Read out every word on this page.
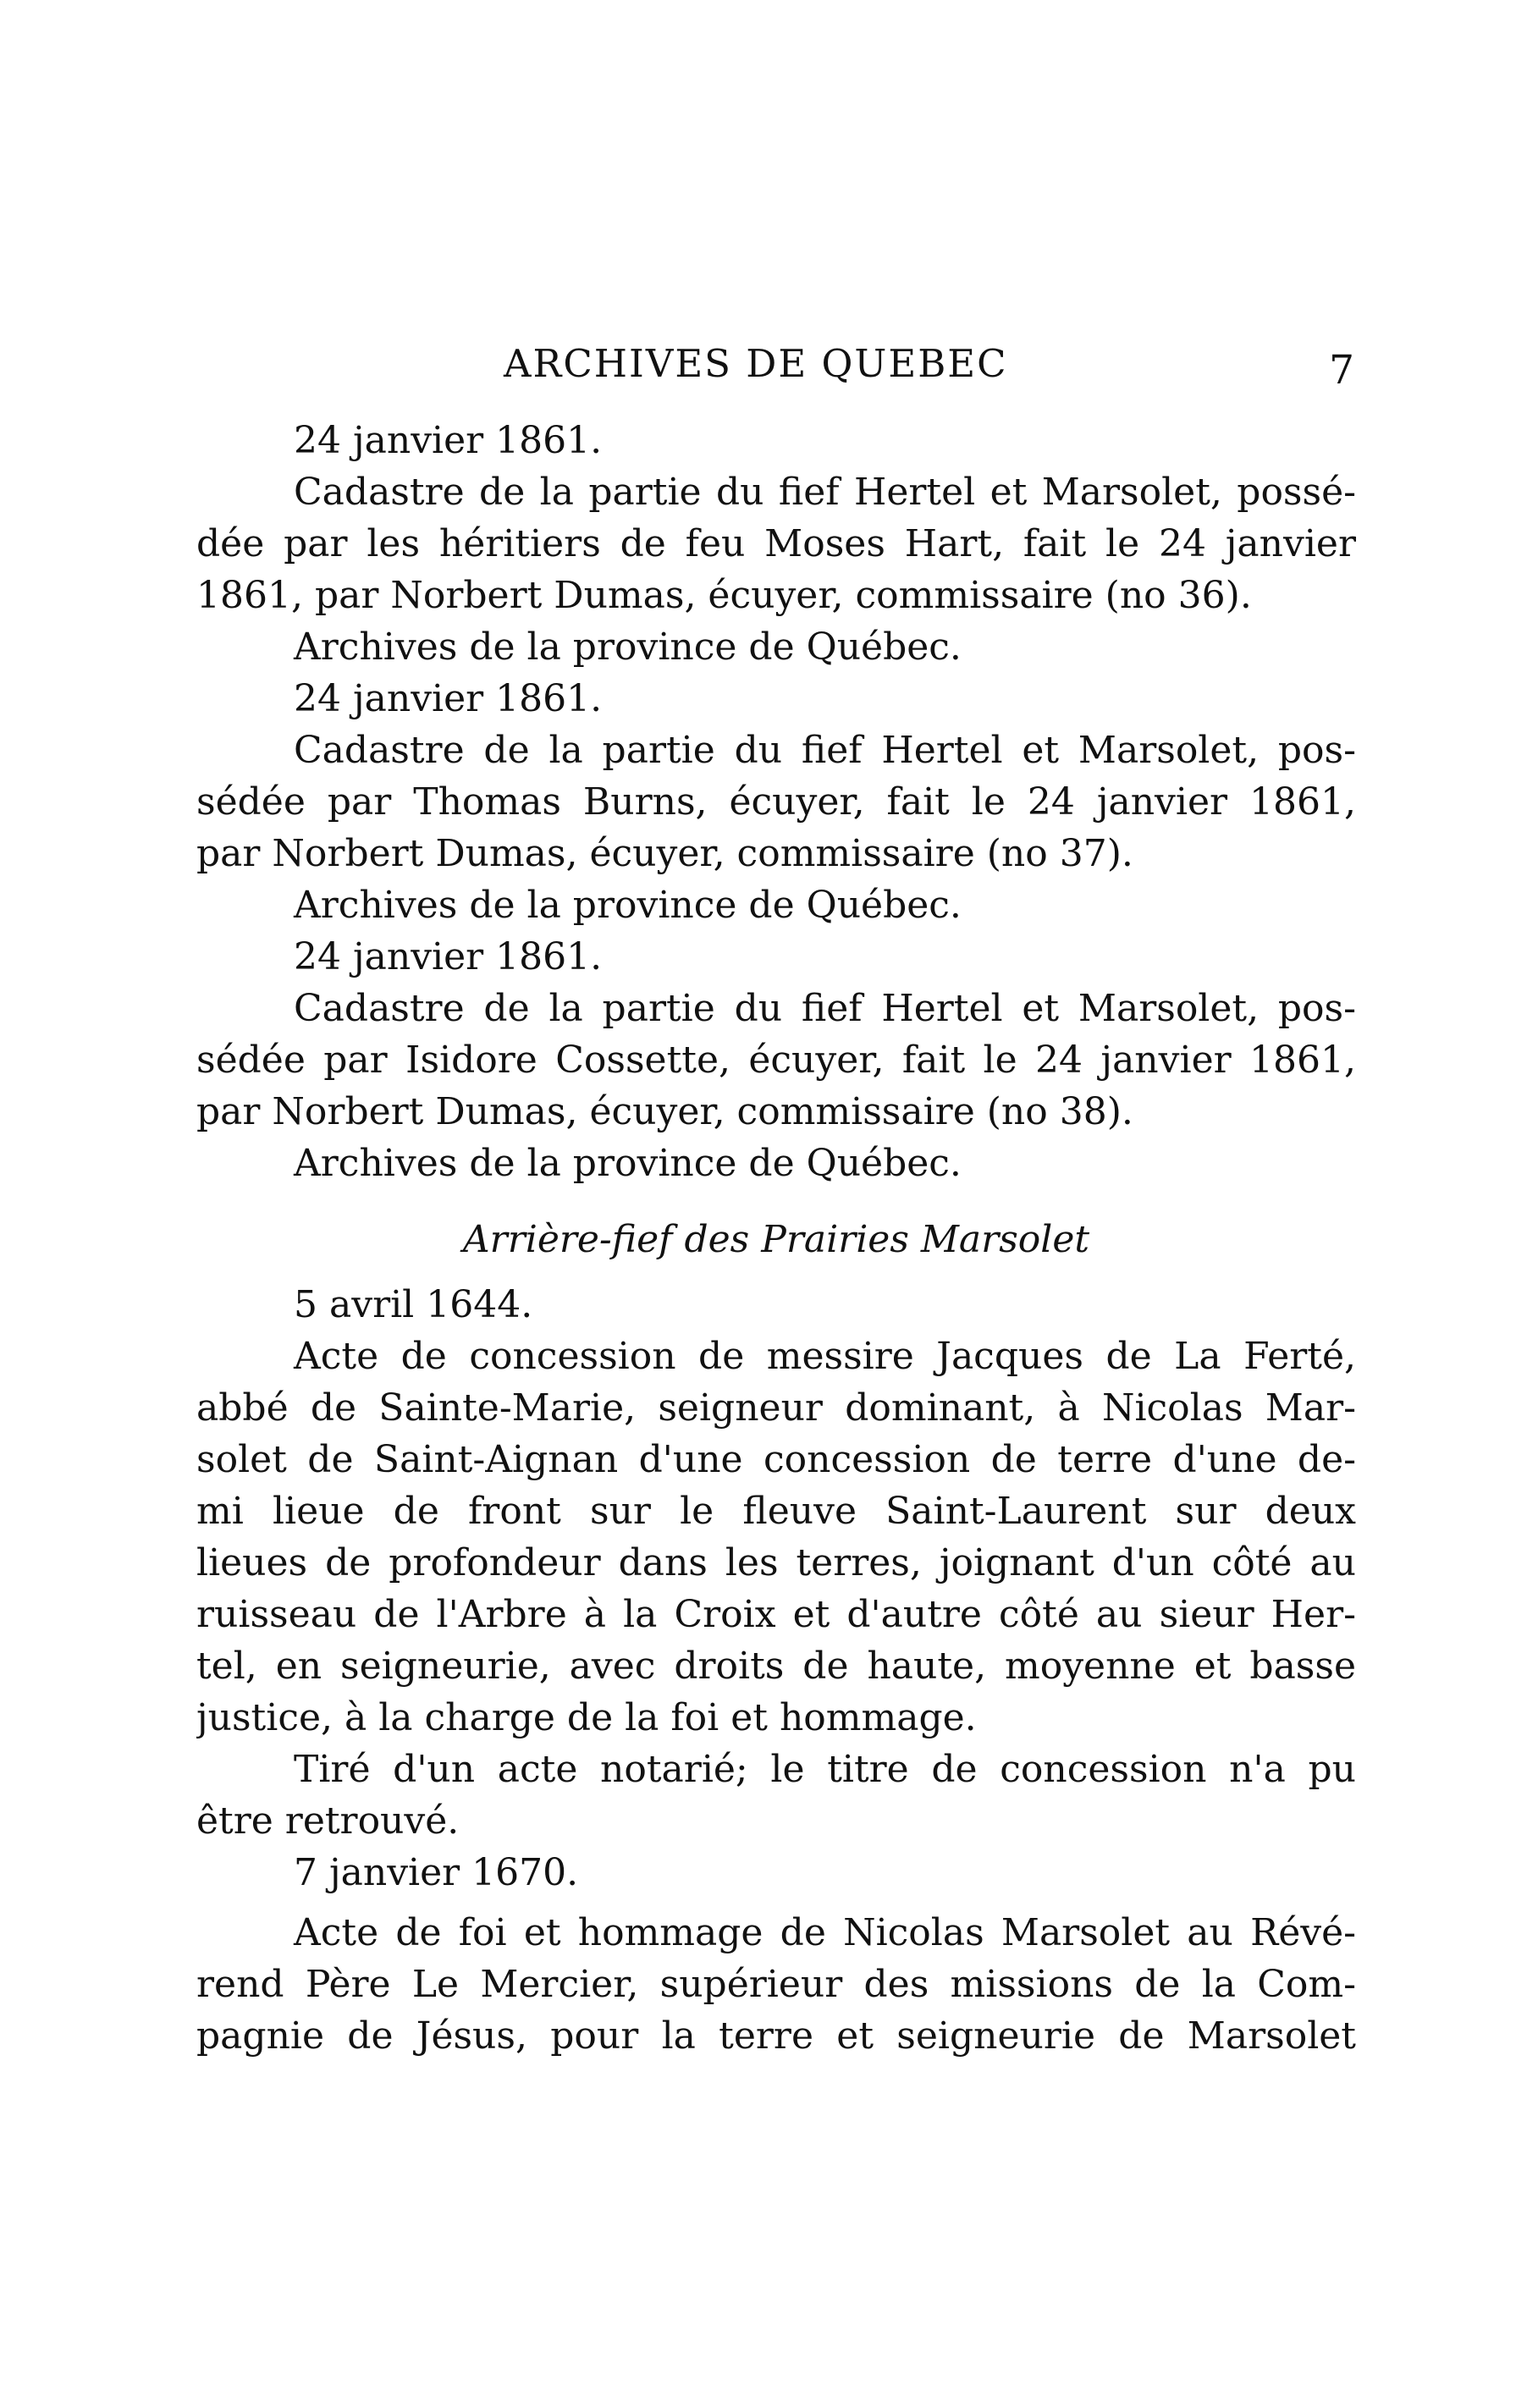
ARCHIVES DE QUEBEC	7
24 janvier 1861.
Cadastre de la partie du fief Hertel et Marsolet, possé-
dée par les héritiers de feu Moses Hart, fait le 24 janvier
1861, par Norbert Dumas, écuyer, commissaire (no 36).
Archives de la province de Québec.
24 janvier 1861.
Cadastre de la partie du fief Hertel et Marsolet, pos-
sédée par Thomas Burns, écuyer, fait le 24 janvier 1861,
par Norbert Dumas, écuyer, commissaire (no 37).
Archives de la province de Québec.
24 janvier 1861.
Cadastre de la partie du fief Hertel et Marsolet, pos-
sédée par Isidore Cossette, écuyer, fait le 24 janvier 1861,
par Norbert Dumas, écuyer, commissaire (no 38).
Archives de la province de Québec.
Arrière-fief des Prairies Marsolet
5 avril 1644.
Acte de concession de messire Jacques de La Ferté,
abbé de Sainte-Marie, seigneur dominant, à Nicolas Mar-
solet de Saint-Aignan d'une concession de terre d'une de-
mi lieue de front sur le fleuve Saint-Laurent sur deux
lieues de profondeur dans les terres, joignant d'un côté au
ruisseau de l'Arbre à la Croix et d'autre côté au sieur Her-
tel, en seigneurie, avec droits de haute, moyenne et basse
justice, à la charge de la foi et hommage.
Tiré d'un acte notarié; le titre de concession n'a pu
être retrouvé.
7 janvier 1670.
Acte de foi et hommage de Nicolas Marsolet au Révé-
rend Père Le Mercier, supérieur des missions de la Com-
pagnie de Jésus, pour la terre et seigneurie de Marsolet
